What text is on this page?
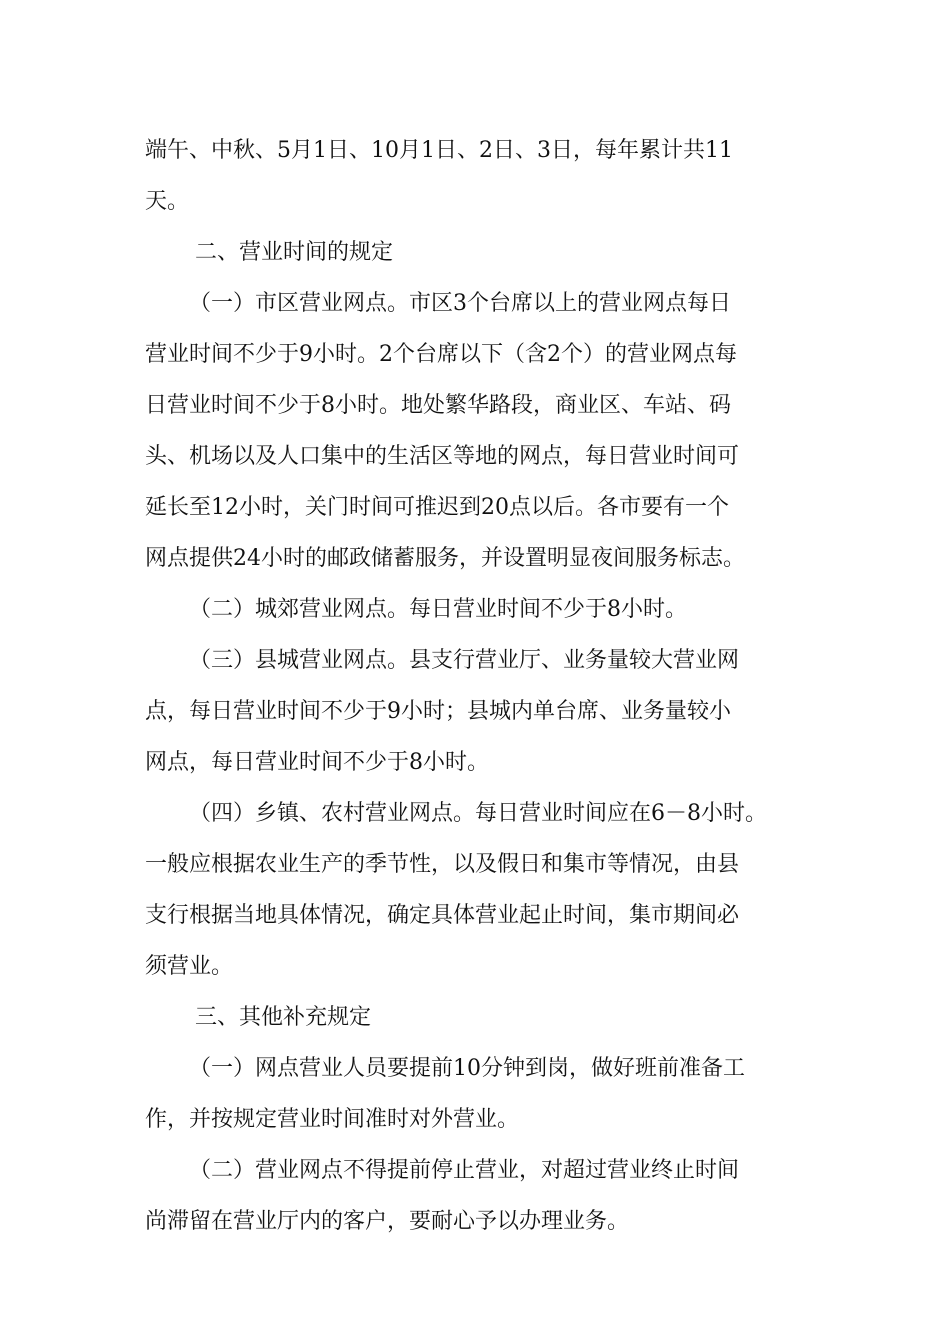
端午、中秋、5月1日、10月1日、2日、3日，每年累计共11
天。
二、营业时间的规定
（一）市区营业网点。市区3个台席以上的营业网点每日
营业时间不少于9小时。2个台席以下（含2个）的营业网点每
日营业时间不少于8小时。地处繁华路段，商业区、车站、码
头、机场以及人口集中的生活区等地的网点，每日营业时间可
延长至12小时，关门时间可推迟到20点以后。各市要有一个
网点提供24小时的邮政储蓄服务，并设置明显夜间服务标志。
（二）城郊营业网点。每日营业时间不少于8小时。
（三）县城营业网点。县支行营业厅、业务量较大营业网
点，每日营业时间不少于9小时；县城内单台席、业务量较小
网点，每日营业时间不少于8小时。
（四）乡镇、农村营业网点。每日营业时间应在6－8小时。
一般应根据农业生产的季节性，以及假日和集市等情况，由县
支行根据当地具体情况，确定具体营业起止时间，集市期间必
须营业。
三、其他补充规定
（一）网点营业人员要提前10分钟到岗，做好班前准备工
作，并按规定营业时间准时对外营业。
（二）营业网点不得提前停止营业，对超过营业终止时间
尚滞留在营业厅内的客户，要耐心予以办理业务。
